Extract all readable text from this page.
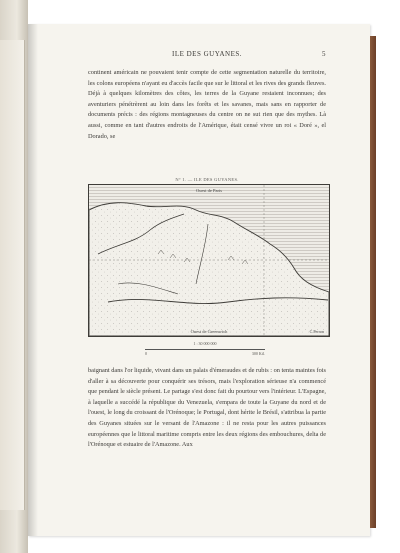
ILE DES GUYANES.	5
continent américain ne pouvaient tenir compte de cette segmentation naturelle du territoire, les colons européens n'ayant eu d'accès facile que sur le littoral et les rives des grands fleuves. Déjà à quelques kilomètres des côtes, les terres de la Guyane restaient inconnues; des aventuriers pénétrèrent au loin dans les forêts et les savanes, mais sans en rapporter de documents précis : des régions montagneuses du centre on ne sut rien que des mythes. Là aussi, comme en tant d'autres endroits de l'Amérique, était censé vivre un roi « Doré », el Dorado, se
N° 1. — ILE DES GUYANES.
Ouest de Paris
Ouest de Greenwich	C.Perron
1 : 30 000 000
0	300 Kil.
baignant dans l'or liquide, vivant dans un palais d'émeraudes et de rubis : on tenta maintes fois d'aller à sa découverte pour conquérir ses trésors, mais l'exploration sérieuse n'a commencé que pendant le siècle présent. Le partage s'est donc fait du pourtour vers l'intérieur. L'Espagne, à laquelle a succédé la république du Venezuela, s'empara de toute la Guyane du nord et de l'ouest, le long du croissant de l'Orénoque; le Portugal, dont hérite le Brésil, s'attribua la partie des Guyanes situées sur le versant de l'Amazone : il ne resta pour les autres puissances européennes que le littoral maritime compris entre les deux régions des embouchures, delta de l'Orénoque et estuaire de l'Amazone. Aux
